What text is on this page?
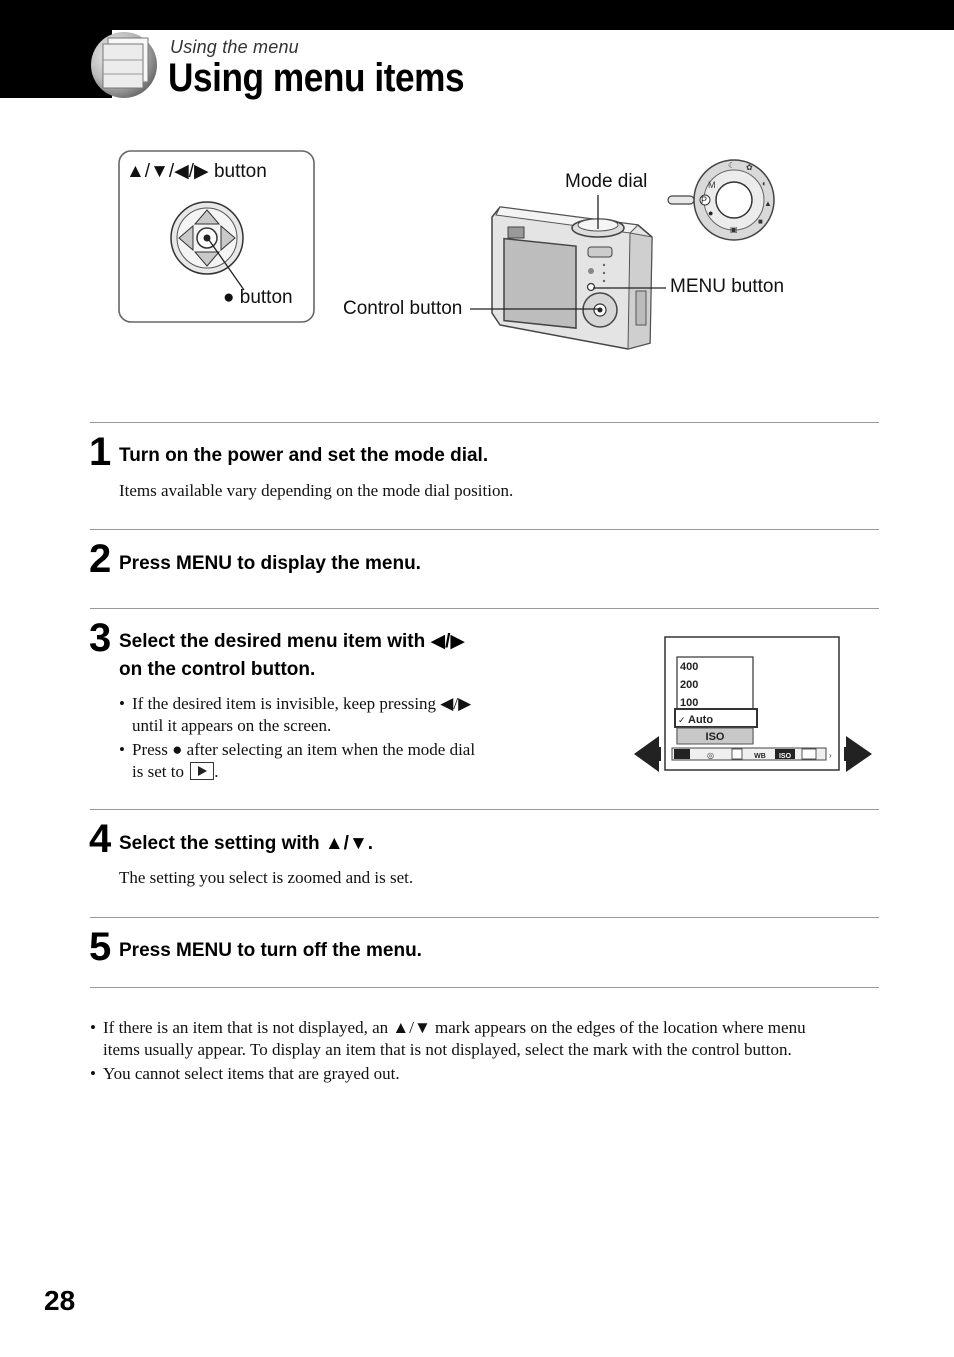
Using the menu
Using menu items
▲/▼/◀/▶ button
● button
P
M
☾ ✿
◐
▲
■
▣
●
Mode dial
MENU button
Control button
1 Turn on the power and set the mode dial.
Items available vary depending on the mode dial position.
2 Press MENU to display the menu.
3 Select the desired menu item with ◀/▶
on the control button.
• If the desired item is invisible, keep pressing ◀/▶
until it appears on the screen.
• Press ● after selecting an item when the mode dial
is set to .
400
200
100
✓ Auto
ISO
WB ISO
◎	›
4 Select the setting with ▲/▼.
The setting you select is zoomed and is set.
5 Press MENU to turn off the menu.
• If there is an item that is not displayed, an ▲/▼ mark appears on the edges of the location where menu
items usually appear. To display an item that is not displayed, select the mark with the control button.
• You cannot select items that are grayed out.
28
